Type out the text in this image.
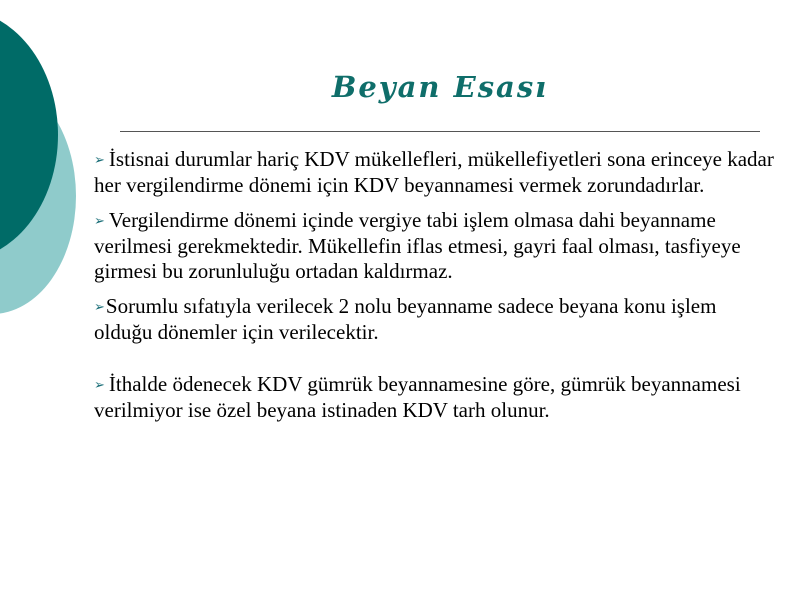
Beyan Esası

➢ İstisnai durumlar hariç KDV mükellefleri, mükellefiyetleri sona erinceye kadar her vergilendirme dönemi için KDV beyannamesi vermek zorundadırlar.

➢ Vergilendirme dönemi içinde vergiye tabi işlem olmasa dahi beyanname verilmesi gerekmektedir. Mükellefin iflas etmesi, gayri faal olması, tasfiyeye girmesi bu zorunluluğu ortadan kaldırmaz.

➢Sorumlu sıfatıyla verilecek 2 nolu beyanname sadece beyana konu işlem olduğu dönemler için verilecektir.

➢ İthalde ödenecek KDV gümrük beyannamesine göre, gümrük beyannamesi verilmiyor ise özel beyana istinaden KDV tarh olunur.
